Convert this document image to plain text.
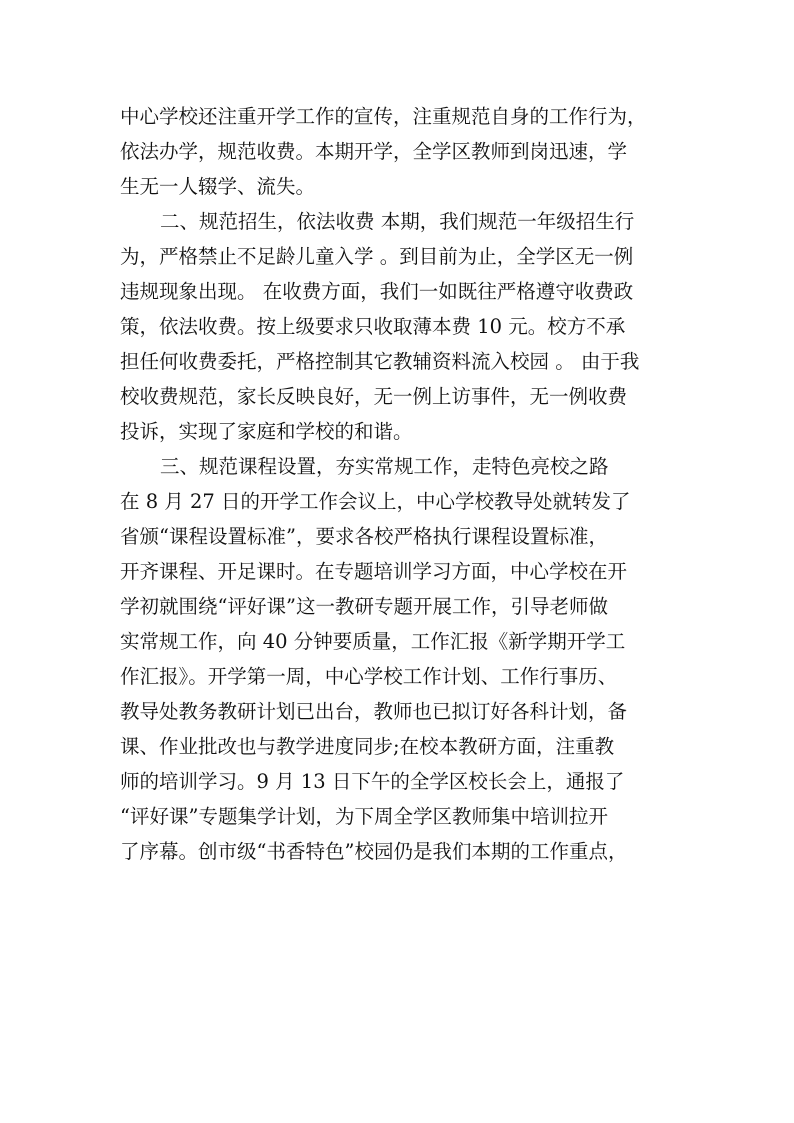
中心学校还注重开学工作的宣传，注重规范自身的工作行为，
依法办学，规范收费。本期开学，全学区教师到岗迅速，学
生无一人辍学、流失。
二、规范招生，依法收费 本期，我们规范一年级招生行
为，严格禁止不足龄儿童入学 。到目前为止，全学区无一例
违规现象出现。 在收费方面，我们一如既往严格遵守收费政
策，依法收费。按上级要求只收取薄本费 10 元。校方不承
担任何收费委托，严格控制其它教辅资料流入校园 。 由于我
校收费规范，家长反映良好，无一例上访事件，无一例收费
投诉，实现了家庭和学校的和谐。
三、规范课程设置，夯实常规工作，走特色亮校之路
在 8 月 27 日的开学工作会议上，中心学校教导处就转发了
省颁“课程设置标准”，要求各校严格执行课程设置标准，
开齐课程、开足课时。在专题培训学习方面，中心学校在开
学初就围绕“评好课”这一教研专题开展工作，引导老师做
实常规工作，向 40 分钟要质量，工作汇报《新学期开学工
作汇报》。开学第一周，中心学校工作计划、工作行事历、
教导处教务教研计划已出台，教师也已拟订好各科计划，备
课、作业批改也与教学进度同步;在校本教研方面，注重教
师的培训学习。9 月 13 日下午的全学区校长会上，通报了
“评好课”专题集学计划，为下周全学区教师集中培训拉开
了序幕。创市级“书香特色”校园仍是我们本期的工作重点，
